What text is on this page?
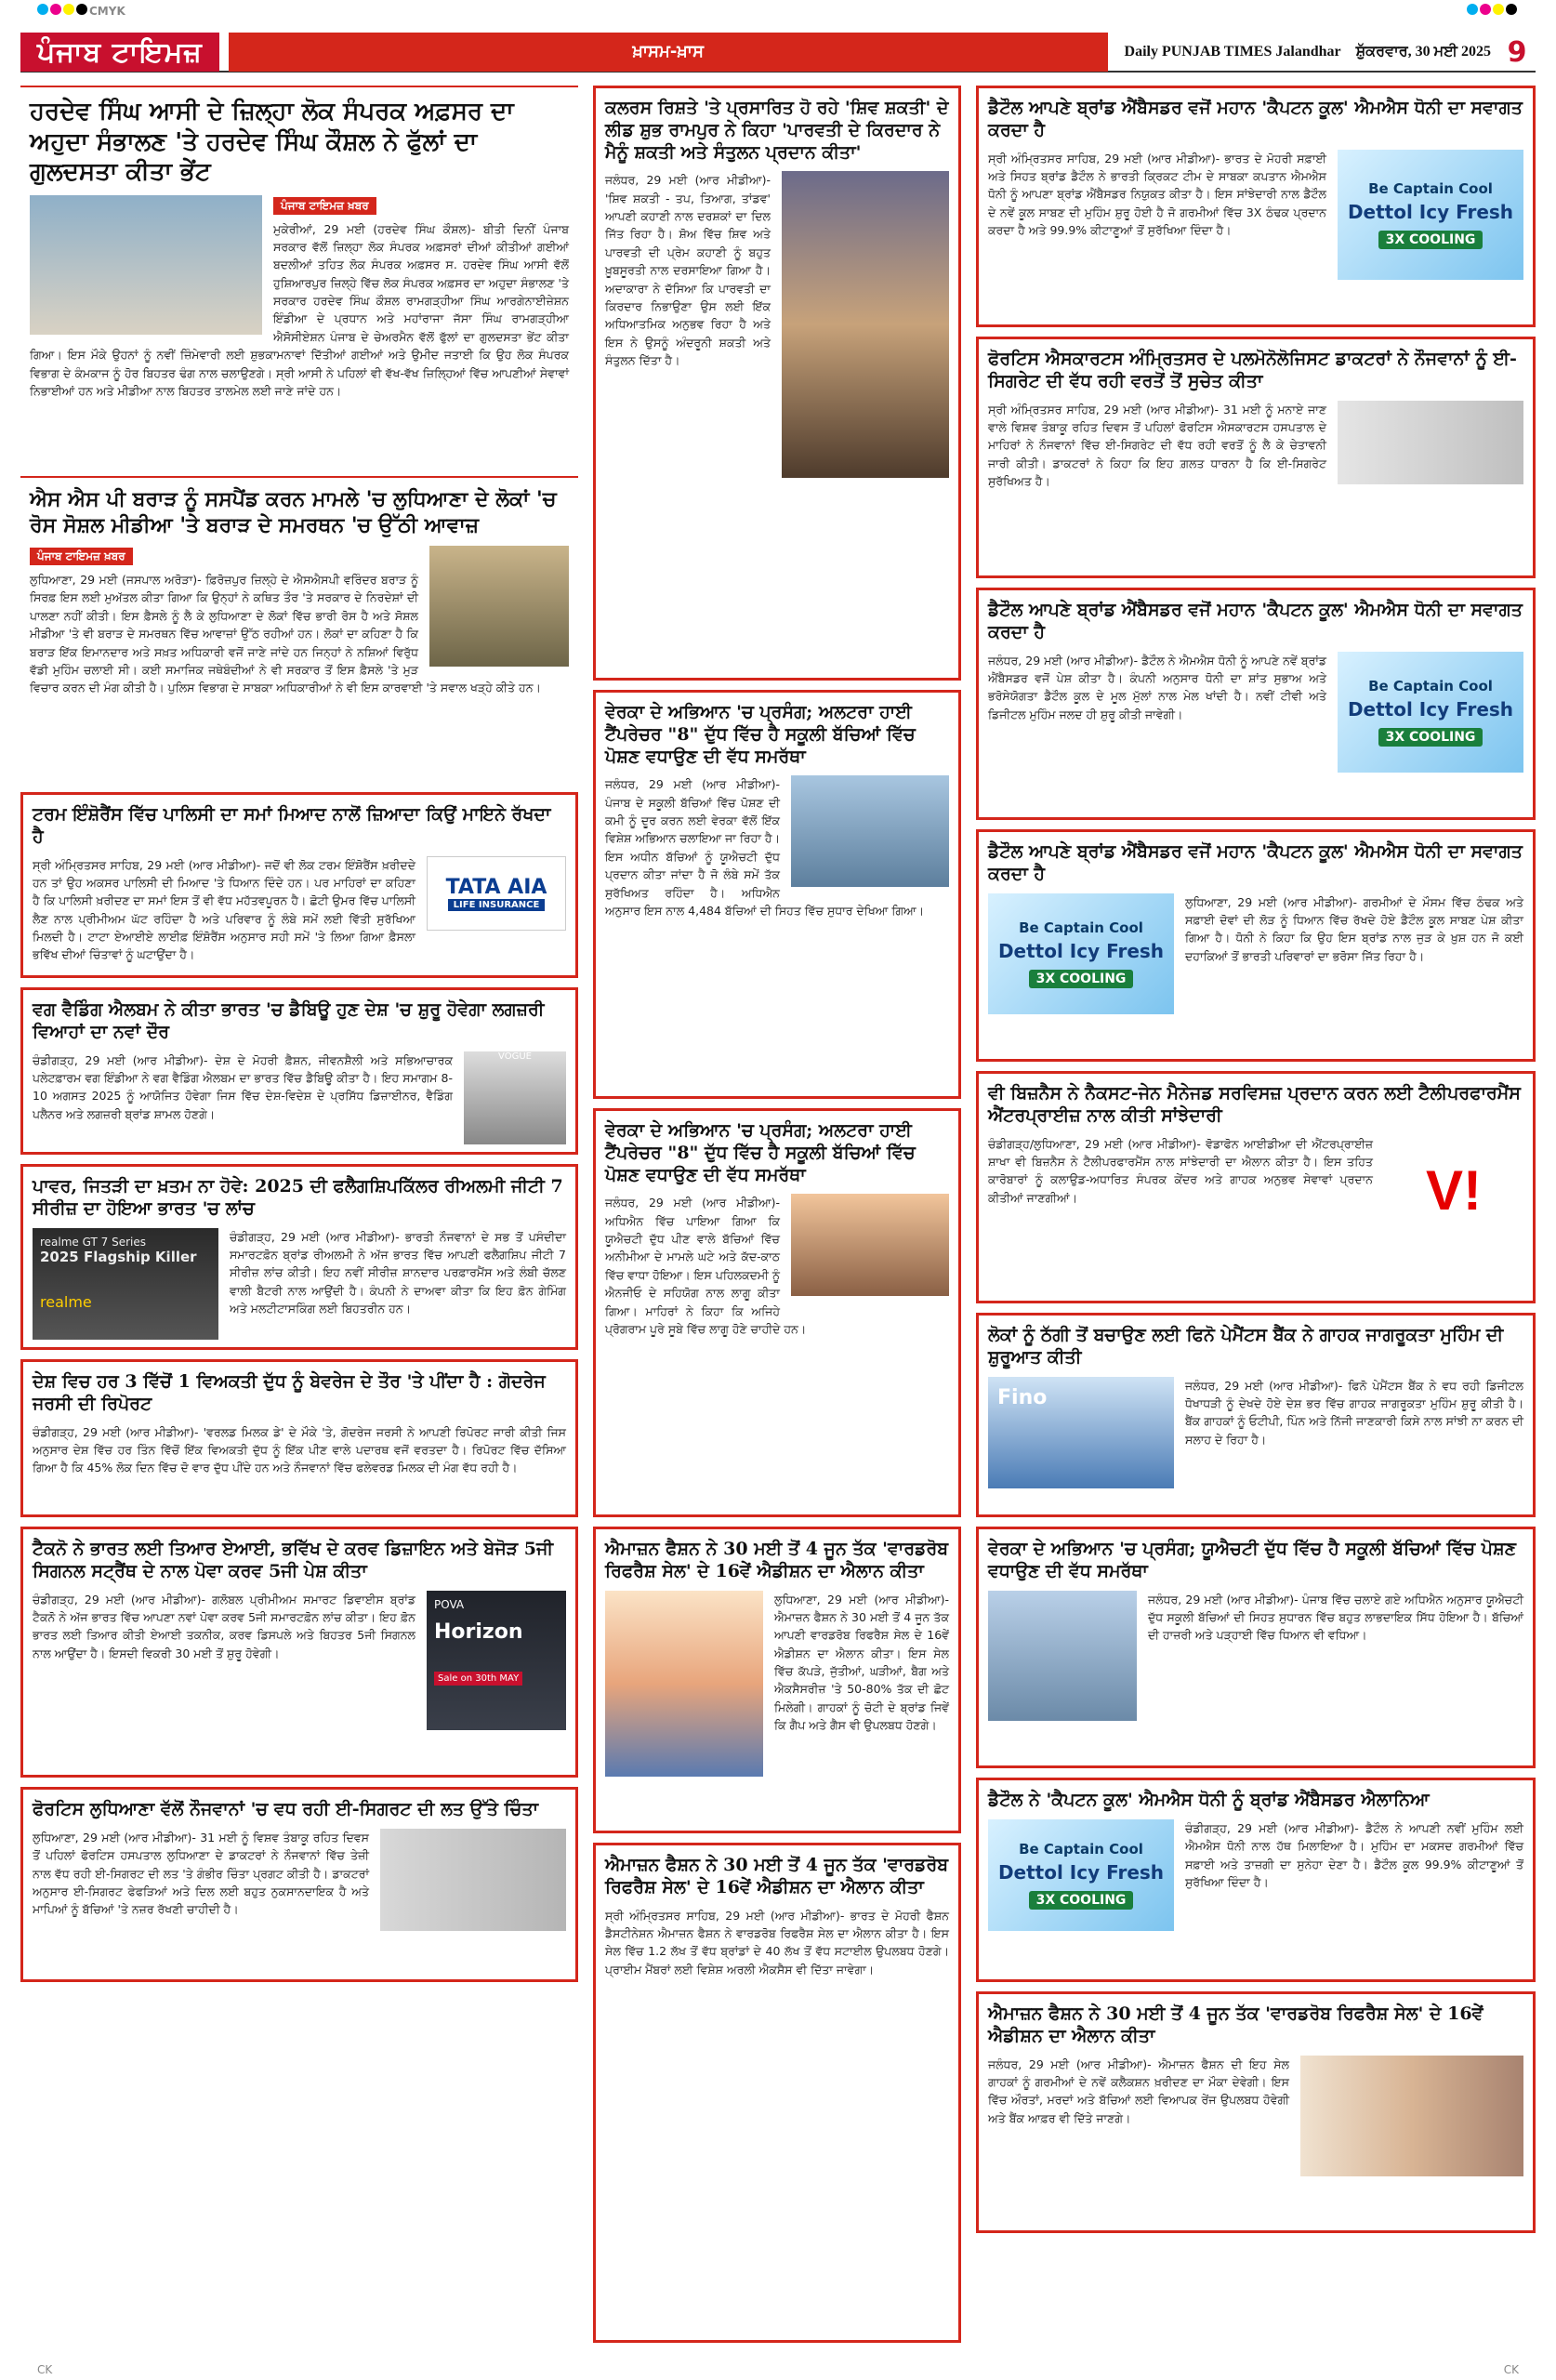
CMYK
ਪੰਜਾਬ ਟਾਇਮਜ਼	ਖ਼ਾਸਮ-ਖ਼ਾਸ	Daily PUNJAB TIMES Jalandhar	ਸ਼ੁੱਕਰਵਾਰ, 30 ਮਈ 2025 9
ਹਰਦੇਵ ਸਿੰਘ ਆਸੀ ਦੇ ਜ਼ਿਲ੍ਹਾ ਲੋਕ ਸੰਪਰਕ ਅਫ਼ਸਰ ਦਾ ਅਹੁਦਾ ਸੰਭਾਲਣ 'ਤੇ ਹਰਦੇਵ ਸਿੰਘ ਕੌਸ਼ਲ ਨੇ ਫੁੱਲਾਂ ਦਾ ਗੁਲਦਸਤਾ ਕੀਤਾ ਭੇਂਟ
ਪੰਜਾਬ ਟਾਇਮਜ਼ ਖ਼ਬਰ
ਮੁਕੇਰੀਆਂ, 29 ਮਈ (ਹਰਦੇਵ ਸਿੰਘ ਕੌਸ਼ਲ)- ਬੀਤੀ ਦਿਨੀਂ ਪੰਜਾਬ ਸਰਕਾਰ ਵੱਲੋਂ ਜ਼ਿਲ੍ਹਾ ਲੋਕ ਸੰਪਰਕ ਅਫ਼ਸਰਾਂ ਦੀਆਂ ਕੀਤੀਆਂ ਗਈਆਂ ਬਦਲੀਆਂ ਤਹਿਤ ਲੋਕ ਸੰਪਰਕ ਅਫ਼ਸਰ ਸ. ਹਰਦੇਵ ਸਿੰਘ ਆਸੀ ਵੱਲੋਂ ਹੁਸ਼ਿਆਰਪੁਰ ਜ਼ਿਲ੍ਹੇ ਵਿੱਚ ਲੋਕ ਸੰਪਰਕ ਅਫ਼ਸਰ ਦਾ ਅਹੁਦਾ ਸੰਭਾਲਣ 'ਤੇ ਸਰਕਾਰ ਹਰਦੇਵ ਸਿੰਘ ਕੌਸ਼ਲ ਰਾਮਗੜ੍ਹੀਆ ਸਿੰਘ ਆਰਗੇਨਾਈਜ਼ੇਸ਼ਨ ਇੰਡੀਆ ਦੇ ਪ੍ਰਧਾਨ ਅਤੇ ਮਹਾਂਰਾਜਾ ਜੱਸਾ ਸਿੰਘ ਰਾਮਗੜ੍ਹੀਆ ਐਸੋਸੀਏਸ਼ਨ ਪੰਜਾਬ ਦੇ ਚੇਅਰਮੈਨ ਵੱਲੋਂ ਫੁੱਲਾਂ ਦਾ ਗੁਲਦਸਤਾ ਭੇਂਟ ਕੀਤਾ ਗਿਆ। ਇਸ ਮੌਕੇ ਉਹਨਾਂ ਨੂੰ ਨਵੀਂ ਜ਼ਿੰਮੇਵਾਰੀ ਲਈ ਸ਼ੁਭਕਾਮਨਾਵਾਂ ਦਿੱਤੀਆਂ ਗਈਆਂ ਅਤੇ ਉਮੀਦ ਜਤਾਈ ਕਿ ਉਹ ਲੋਕ ਸੰਪਰਕ ਵਿਭਾਗ ਦੇ ਕੰਮਕਾਜ ਨੂੰ ਹੋਰ ਬਿਹਤਰ ਢੰਗ ਨਾਲ ਚਲਾਉਣਗੇ। ਸ੍ਰੀ ਆਸੀ ਨੇ ਪਹਿਲਾਂ ਵੀ ਵੱਖ-ਵੱਖ ਜ਼ਿਲ੍ਹਿਆਂ ਵਿੱਚ ਆਪਣੀਆਂ ਸੇਵਾਵਾਂ ਨਿਭਾਈਆਂ ਹਨ ਅਤੇ ਮੀਡੀਆ ਨਾਲ ਬਿਹਤਰ ਤਾਲਮੇਲ ਲਈ ਜਾਣੇ ਜਾਂਦੇ ਹਨ।
ਐਸ ਐਸ ਪੀ ਬਰਾੜ ਨੂੰ ਸਸਪੈਂਡ ਕਰਨ ਮਾਮਲੇ 'ਚ ਲੁਧਿਆਣਾ ਦੇ ਲੋਕਾਂ 'ਚ ਰੋਸ ਸੋਸ਼ਲ ਮੀਡੀਆ 'ਤੇ ਬਰਾੜ ਦੇ ਸਮਰਥਨ 'ਚ ਉੱਠੀ ਆਵਾਜ਼
ਪੰਜਾਬ ਟਾਇਮਜ਼ ਖ਼ਬਰ
ਲੁਧਿਆਣਾ, 29 ਮਈ (ਜਸਪਾਲ ਅਰੋੜਾ)- ਫ਼ਿਰੋਜ਼ਪੁਰ ਜ਼ਿਲ੍ਹੇ ਦੇ ਐਸਐਸਪੀ ਵਰਿੰਦਰ ਬਰਾੜ ਨੂੰ ਸਿਰਫ਼ ਇਸ ਲਈ ਮੁਅੱਤਲ ਕੀਤਾ ਗਿਆ ਕਿ ਉਨ੍ਹਾਂ ਨੇ ਕਥਿਤ ਤੌਰ 'ਤੇ ਸਰਕਾਰ ਦੇ ਨਿਰਦੇਸ਼ਾਂ ਦੀ ਪਾਲਣਾ ਨਹੀਂ ਕੀਤੀ। ਇਸ ਫ਼ੈਸਲੇ ਨੂੰ ਲੈ ਕੇ ਲੁਧਿਆਣਾ ਦੇ ਲੋਕਾਂ ਵਿੱਚ ਭਾਰੀ ਰੋਸ ਹੈ ਅਤੇ ਸੋਸ਼ਲ ਮੀਡੀਆ 'ਤੇ ਵੀ ਬਰਾੜ ਦੇ ਸਮਰਥਨ ਵਿੱਚ ਆਵਾਜ਼ਾਂ ਉੱਠ ਰਹੀਆਂ ਹਨ। ਲੋਕਾਂ ਦਾ ਕਹਿਣਾ ਹੈ ਕਿ ਬਰਾੜ ਇੱਕ ਇਮਾਨਦਾਰ ਅਤੇ ਸਖ਼ਤ ਅਧਿਕਾਰੀ ਵਜੋਂ ਜਾਣੇ ਜਾਂਦੇ ਹਨ ਜਿਨ੍ਹਾਂ ਨੇ ਨਸ਼ਿਆਂ ਵਿਰੁੱਧ ਵੱਡੀ ਮੁਹਿੰਮ ਚਲਾਈ ਸੀ। ਕਈ ਸਮਾਜਿਕ ਜਥੇਬੰਦੀਆਂ ਨੇ ਵੀ ਸਰਕਾਰ ਤੋਂ ਇਸ ਫ਼ੈਸਲੇ 'ਤੇ ਮੁੜ ਵਿਚਾਰ ਕਰਨ ਦੀ ਮੰਗ ਕੀਤੀ ਹੈ। ਪੁਲਿਸ ਵਿਭਾਗ ਦੇ ਸਾਬਕਾ ਅਧਿਕਾਰੀਆਂ ਨੇ ਵੀ ਇਸ ਕਾਰਵਾਈ 'ਤੇ ਸਵਾਲ ਖੜ੍ਹੇ ਕੀਤੇ ਹਨ।
ਟਰਮ ਇੰਸ਼ੋਰੈਂਸ ਵਿੱਚ ਪਾਲਿਸੀ ਦਾ ਸਮਾਂ ਮਿਆਦ ਨਾਲੋਂ ਜ਼ਿਆਦਾ ਕਿਉਂ ਮਾਇਨੇ ਰੱਖਦਾ ਹੈ
TATA AIA
LIFE INSURANCE
ਸ੍ਰੀ ਅੰਮ੍ਰਿਤਸਰ ਸਾਹਿਬ, 29 ਮਈ (ਆਰ ਮੀਡੀਆ)- ਜਦੋਂ ਵੀ ਲੋਕ ਟਰਮ ਇੰਸ਼ੋਰੈਂਸ ਖ਼ਰੀਦਦੇ ਹਨ ਤਾਂ ਉਹ ਅਕਸਰ ਪਾਲਿਸੀ ਦੀ ਮਿਆਦ 'ਤੇ ਧਿਆਨ ਦਿੰਦੇ ਹਨ। ਪਰ ਮਾਹਿਰਾਂ ਦਾ ਕਹਿਣਾ ਹੈ ਕਿ ਪਾਲਿਸੀ ਖ਼ਰੀਦਣ ਦਾ ਸਮਾਂ ਇਸ ਤੋਂ ਵੀ ਵੱਧ ਮਹੱਤਵਪੂਰਨ ਹੈ। ਛੋਟੀ ਉਮਰ ਵਿੱਚ ਪਾਲਿਸੀ ਲੈਣ ਨਾਲ ਪ੍ਰੀਮੀਅਮ ਘੱਟ ਰਹਿੰਦਾ ਹੈ ਅਤੇ ਪਰਿਵਾਰ ਨੂੰ ਲੰਬੇ ਸਮੇਂ ਲਈ ਵਿੱਤੀ ਸੁਰੱਖਿਆ ਮਿਲਦੀ ਹੈ। ਟਾਟਾ ਏਆਈਏ ਲਾਈਫ਼ ਇੰਸ਼ੋਰੈਂਸ ਅਨੁਸਾਰ ਸਹੀ ਸਮੇਂ 'ਤੇ ਲਿਆ ਗਿਆ ਫ਼ੈਸਲਾ ਭਵਿੱਖ ਦੀਆਂ ਚਿੰਤਾਵਾਂ ਨੂੰ ਘਟਾਉਂਦਾ ਹੈ।
ਵਗ ਵੈਡਿੰਗ ਐਲਬਮ ਨੇ ਕੀਤਾ ਭਾਰਤ 'ਚ ਡੈਬਿਊ ਹੁਣ ਦੇਸ਼ 'ਚ ਸ਼ੁਰੂ ਹੋਵੇਗਾ ਲਗਜ਼ਰੀ ਵਿਆਹਾਂ ਦਾ ਨਵਾਂ ਦੌਰ
VOGUE
ਚੰਡੀਗੜ੍ਹ, 29 ਮਈ (ਆਰ ਮੀਡੀਆ)- ਦੇਸ਼ ਦੇ ਮੋਹਰੀ ਫ਼ੈਸ਼ਨ, ਜੀਵਨਸ਼ੈਲੀ ਅਤੇ ਸਭਿਆਚਾਰਕ ਪਲੇਟਫ਼ਾਰਮ ਵਗ ਇੰਡੀਆ ਨੇ ਵਗ ਵੈਡਿੰਗ ਐਲਬਮ ਦਾ ਭਾਰਤ ਵਿੱਚ ਡੈਬਿਊ ਕੀਤਾ ਹੈ। ਇਹ ਸਮਾਗਮ 8-10 ਅਗਸਤ 2025 ਨੂੰ ਆਯੋਜਿਤ ਹੋਵੇਗਾ ਜਿਸ ਵਿੱਚ ਦੇਸ਼-ਵਿਦੇਸ਼ ਦੇ ਪ੍ਰਸਿੱਧ ਡਿਜ਼ਾਈਨਰ, ਵੈਡਿੰਗ ਪਲੈਨਰ ਅਤੇ ਲਗਜ਼ਰੀ ਬ੍ਰਾਂਡ ਸ਼ਾਮਲ ਹੋਣਗੇ।
ਪਾਵਰ, ਜਿਤੜੀ ਦਾ ਖ਼ਤਮ ਨਾ ਹੋਵੇ: 2025 ਦੀ ਫਲੈਗਸ਼ਿਪਕਿੱਲਰ ਰੀਅਲਮੀ ਜੀਟੀ 7 ਸੀਰੀਜ਼ ਦਾ ਹੋਇਆ ਭਾਰਤ 'ਚ ਲਾਂਚ
realme GT 7 Series
2025 Flagship Killer
realme
ਚੰਡੀਗੜ੍ਹ, 29 ਮਈ (ਆਰ ਮੀਡੀਆ)- ਭਾਰਤੀ ਨੌਜਵਾਨਾਂ ਦੇ ਸਭ ਤੋਂ ਪਸੰਦੀਦਾ ਸਮਾਰਟਫ਼ੋਨ ਬ੍ਰਾਂਡ ਰੀਅਲਮੀ ਨੇ ਅੱਜ ਭਾਰਤ ਵਿੱਚ ਆਪਣੀ ਫਲੈਗਸ਼ਿਪ ਜੀਟੀ 7 ਸੀਰੀਜ਼ ਲਾਂਚ ਕੀਤੀ। ਇਹ ਨਵੀਂ ਸੀਰੀਜ਼ ਸ਼ਾਨਦਾਰ ਪਰਫ਼ਾਰਮੈਂਸ ਅਤੇ ਲੰਬੀ ਚੱਲਣ ਵਾਲੀ ਬੈਟਰੀ ਨਾਲ ਆਉਂਦੀ ਹੈ। ਕੰਪਨੀ ਨੇ ਦਾਅਵਾ ਕੀਤਾ ਕਿ ਇਹ ਫ਼ੋਨ ਗੇਮਿੰਗ ਅਤੇ ਮਲਟੀਟਾਸਕਿੰਗ ਲਈ ਬਿਹਤਰੀਨ ਹਨ।
ਦੇਸ਼ ਵਿਚ ਹਰ 3 ਵਿੱਚੋਂ 1 ਵਿਅਕਤੀ ਦੁੱਧ ਨੂੰ ਬੇਵਰੇਜ ਦੇ ਤੌਰ 'ਤੇ ਪੀਂਦਾ ਹੈ : ਗੋਦਰੇਜ ਜਰਸੀ ਦੀ ਰਿਪੋਰਟ
ਚੰਡੀਗੜ੍ਹ, 29 ਮਈ (ਆਰ ਮੀਡੀਆ)- 'ਵਰਲਡ ਮਿਲਕ ਡੇ' ਦੇ ਮੌਕੇ 'ਤੇ, ਗੋਦਰੇਜ ਜਰਸੀ ਨੇ ਆਪਣੀ ਰਿਪੋਰਟ ਜਾਰੀ ਕੀਤੀ ਜਿਸ ਅਨੁਸਾਰ ਦੇਸ਼ ਵਿੱਚ ਹਰ ਤਿੰਨ ਵਿੱਚੋਂ ਇੱਕ ਵਿਅਕਤੀ ਦੁੱਧ ਨੂੰ ਇੱਕ ਪੀਣ ਵਾਲੇ ਪਦਾਰਥ ਵਜੋਂ ਵਰਤਦਾ ਹੈ। ਰਿਪੋਰਟ ਵਿੱਚ ਦੱਸਿਆ ਗਿਆ ਹੈ ਕਿ 45% ਲੋਕ ਦਿਨ ਵਿੱਚ ਦੋ ਵਾਰ ਦੁੱਧ ਪੀਂਦੇ ਹਨ ਅਤੇ ਨੌਜਵਾਨਾਂ ਵਿੱਚ ਫਲੇਵਰਡ ਮਿਲਕ ਦੀ ਮੰਗ ਵੱਧ ਰਹੀ ਹੈ।
ਟੈਕਨੋ ਨੇ ਭਾਰਤ ਲਈ ਤਿਆਰ ਏਆਈ, ਭਵਿੱਖ ਦੇ ਕਰਵ ਡਿਜ਼ਾਇਨ ਅਤੇ ਬੇਜੋੜ 5ਜੀ ਸਿਗਨਲ ਸਟ੍ਰੈਂਥ ਦੇ ਨਾਲ ਪੋਵਾ ਕਰਵ 5ਜੀ ਪੇਸ਼ ਕੀਤਾ
POVA
Horizon
Sale on 30th MAY
ਚੰਡੀਗੜ੍ਹ, 29 ਮਈ (ਆਰ ਮੀਡੀਆ)- ਗਲੋਬਲ ਪ੍ਰੀਮੀਅਮ ਸਮਾਰਟ ਡਿਵਾਈਸ ਬ੍ਰਾਂਡ ਟੈਕਨੋ ਨੇ ਅੱਜ ਭਾਰਤ ਵਿੱਚ ਆਪਣਾ ਨਵਾਂ ਪੋਵਾ ਕਰਵ 5ਜੀ ਸਮਾਰਟਫ਼ੋਨ ਲਾਂਚ ਕੀਤਾ। ਇਹ ਫ਼ੋਨ ਭਾਰਤ ਲਈ ਤਿਆਰ ਕੀਤੀ ਏਆਈ ਤਕਨੀਕ, ਕਰਵ ਡਿਸਪਲੇ ਅਤੇ ਬਿਹਤਰ 5ਜੀ ਸਿਗਨਲ ਨਾਲ ਆਉਂਦਾ ਹੈ। ਇਸਦੀ ਵਿਕਰੀ 30 ਮਈ ਤੋਂ ਸ਼ੁਰੂ ਹੋਵੇਗੀ।
ਫੋਰਟਿਸ ਲੁਧਿਆਣਾ ਵੱਲੋਂ ਨੌਜਵਾਨਾਂ 'ਚ ਵਧ ਰਹੀ ਈ-ਸਿਗਰਟ ਦੀ ਲਤ ਉੱਤੇ ਚਿੰਤਾ
ਲੁਧਿਆਣਾ, 29 ਮਈ (ਆਰ ਮੀਡੀਆ)- 31 ਮਈ ਨੂੰ ਵਿਸ਼ਵ ਤੰਬਾਕੂ ਰਹਿਤ ਦਿਵਸ ਤੋਂ ਪਹਿਲਾਂ ਫੋਰਟਿਸ ਹਸਪਤਾਲ ਲੁਧਿਆਣਾ ਦੇ ਡਾਕਟਰਾਂ ਨੇ ਨੌਜਵਾਨਾਂ ਵਿੱਚ ਤੇਜ਼ੀ ਨਾਲ ਵੱਧ ਰਹੀ ਈ-ਸਿਗਰਟ ਦੀ ਲਤ 'ਤੇ ਗੰਭੀਰ ਚਿੰਤਾ ਪ੍ਰਗਟ ਕੀਤੀ ਹੈ। ਡਾਕਟਰਾਂ ਅਨੁਸਾਰ ਈ-ਸਿਗਰਟ ਫੇਫੜਿਆਂ ਅਤੇ ਦਿਲ ਲਈ ਬਹੁਤ ਨੁਕਸਾਨਦਾਇਕ ਹੈ ਅਤੇ ਮਾਪਿਆਂ ਨੂੰ ਬੱਚਿਆਂ 'ਤੇ ਨਜ਼ਰ ਰੱਖਣੀ ਚਾਹੀਦੀ ਹੈ।
ਕਲਰਸ ਰਿਸ਼ਤੇ 'ਤੇ ਪ੍ਰਸਾਰਿਤ ਹੋ ਰਹੇ 'ਸ਼ਿਵ ਸ਼ਕਤੀ' ਦੇ ਲੀਡ ਸ਼ੁਭ ਰਾਮਪੁਰ ਨੇ ਕਿਹਾ 'ਪਾਰਵਤੀ ਦੇ ਕਿਰਦਾਰ ਨੇ ਮੈਨੂੰ ਸ਼ਕਤੀ ਅਤੇ ਸੰਤੁਲਨ ਪ੍ਰਦਾਨ ਕੀਤਾ'
ਜਲੰਧਰ, 29 ਮਈ (ਆਰ ਮੀਡੀਆ)- 'ਸ਼ਿਵ ਸ਼ਕਤੀ - ਤਪ, ਤਿਆਗ, ਤਾਂਡਵ' ਆਪਣੀ ਕਹਾਣੀ ਨਾਲ ਦਰਸ਼ਕਾਂ ਦਾ ਦਿਲ ਜਿੱਤ ਰਿਹਾ ਹੈ। ਸ਼ੋਅ ਵਿੱਚ ਸ਼ਿਵ ਅਤੇ ਪਾਰਵਤੀ ਦੀ ਪ੍ਰੇਮ ਕਹਾਣੀ ਨੂੰ ਬਹੁਤ ਖ਼ੂਬਸੂਰਤੀ ਨਾਲ ਦਰਸਾਇਆ ਗਿਆ ਹੈ। ਅਦਾਕਾਰਾ ਨੇ ਦੱਸਿਆ ਕਿ ਪਾਰਵਤੀ ਦਾ ਕਿਰਦਾਰ ਨਿਭਾਉਣਾ ਉਸ ਲਈ ਇੱਕ ਅਧਿਆਤਮਿਕ ਅਨੁਭਵ ਰਿਹਾ ਹੈ ਅਤੇ ਇਸ ਨੇ ਉਸਨੂੰ ਅੰਦਰੂਨੀ ਸ਼ਕਤੀ ਅਤੇ ਸੰਤੁਲਨ ਦਿੱਤਾ ਹੈ।
ਵੇਰਕਾ ਦੇ ਅਭਿਆਨ 'ਚ ਪ੍ਰਸੰਗ; ਅਲਟਰਾ ਹਾਈ ਟੈਂਪਰੇਚਰ "8" ਦੁੱਧ ਵਿੱਚ ਹੈ ਸਕੂਲੀ ਬੱਚਿਆਂ ਵਿੱਚ ਪੋਸ਼ਣ ਵਧਾਉਣ ਦੀ ਵੱਧ ਸਮਰੱਥਾ
ਜਲੰਧਰ, 29 ਮਈ (ਆਰ ਮੀਡੀਆ)- ਪੰਜਾਬ ਦੇ ਸਕੂਲੀ ਬੱਚਿਆਂ ਵਿੱਚ ਪੋਸ਼ਣ ਦੀ ਕਮੀ ਨੂੰ ਦੂਰ ਕਰਨ ਲਈ ਵੇਰਕਾ ਵੱਲੋਂ ਇੱਕ ਵਿਸ਼ੇਸ਼ ਅਭਿਆਨ ਚਲਾਇਆ ਜਾ ਰਿਹਾ ਹੈ। ਇਸ ਅਧੀਨ ਬੱਚਿਆਂ ਨੂੰ ਯੂਐਚਟੀ ਦੁੱਧ ਪ੍ਰਦਾਨ ਕੀਤਾ ਜਾਂਦਾ ਹੈ ਜੋ ਲੰਬੇ ਸਮੇਂ ਤੱਕ ਸੁਰੱਖਿਅਤ ਰਹਿੰਦਾ ਹੈ। ਅਧਿਐਨ ਅਨੁਸਾਰ ਇਸ ਨਾਲ 4,484 ਬੱਚਿਆਂ ਦੀ ਸਿਹਤ ਵਿੱਚ ਸੁਧਾਰ ਦੇਖਿਆ ਗਿਆ।
ਵੇਰਕਾ ਦੇ ਅਭਿਆਨ 'ਚ ਪ੍ਰਸੰਗ; ਅਲਟਰਾ ਹਾਈ ਟੈਂਪਰੇਚਰ "8" ਦੁੱਧ ਵਿੱਚ ਹੈ ਸਕੂਲੀ ਬੱਚਿਆਂ ਵਿੱਚ ਪੋਸ਼ਣ ਵਧਾਉਣ ਦੀ ਵੱਧ ਸਮਰੱਥਾ
ਜਲੰਧਰ, 29 ਮਈ (ਆਰ ਮੀਡੀਆ)- ਅਧਿਐਨ ਵਿੱਚ ਪਾਇਆ ਗਿਆ ਕਿ ਯੂਐਚਟੀ ਦੁੱਧ ਪੀਣ ਵਾਲੇ ਬੱਚਿਆਂ ਵਿੱਚ ਅਨੀਮੀਆ ਦੇ ਮਾਮਲੇ ਘਟੇ ਅਤੇ ਕੱਦ-ਕਾਠ ਵਿੱਚ ਵਾਧਾ ਹੋਇਆ। ਇਸ ਪਹਿਲਕਦਮੀ ਨੂੰ ਐਨਜੀਓ ਦੇ ਸਹਿਯੋਗ ਨਾਲ ਲਾਗੂ ਕੀਤਾ ਗਿਆ। ਮਾਹਿਰਾਂ ਨੇ ਕਿਹਾ ਕਿ ਅਜਿਹੇ ਪ੍ਰੋਗਰਾਮ ਪੂਰੇ ਸੂਬੇ ਵਿੱਚ ਲਾਗੂ ਹੋਣੇ ਚਾਹੀਦੇ ਹਨ।
ਐਮਾਜ਼ਨ ਫੈਸ਼ਨ ਨੇ 30 ਮਈ ਤੋਂ 4 ਜੂਨ ਤੱਕ 'ਵਾਰਡਰੋਬ ਰਿਫਰੈਸ਼ ਸੇਲ' ਦੇ 16ਵੇਂ ਐਡੀਸ਼ਨ ਦਾ ਐਲਾਨ ਕੀਤਾ
ਲੁਧਿਆਣਾ, 29 ਮਈ (ਆਰ ਮੀਡੀਆ)- ਐਮਾਜ਼ਨ ਫੈਸ਼ਨ ਨੇ 30 ਮਈ ਤੋਂ 4 ਜੂਨ ਤੱਕ ਆਪਣੀ ਵਾਰਡਰੋਬ ਰਿਫਰੈਸ਼ ਸੇਲ ਦੇ 16ਵੇਂ ਐਡੀਸ਼ਨ ਦਾ ਐਲਾਨ ਕੀਤਾ। ਇਸ ਸੇਲ ਵਿੱਚ ਕੱਪੜੇ, ਜੁੱਤੀਆਂ, ਘੜੀਆਂ, ਬੈਗ ਅਤੇ ਐਕਸੈਸਰੀਜ਼ 'ਤੇ 50-80% ਤੱਕ ਦੀ ਛੋਟ ਮਿਲੇਗੀ। ਗਾਹਕਾਂ ਨੂੰ ਚੋਟੀ ਦੇ ਬ੍ਰਾਂਡ ਜਿਵੇਂ ਕਿ ਗੈਪ ਅਤੇ ਗੈਸ ਵੀ ਉਪਲਬਧ ਹੋਣਗੇ।
ਐਮਾਜ਼ਨ ਫੈਸ਼ਨ ਨੇ 30 ਮਈ ਤੋਂ 4 ਜੂਨ ਤੱਕ 'ਵਾਰਡਰੋਬ ਰਿਫਰੈਸ਼ ਸੇਲ' ਦੇ 16ਵੇਂ ਐਡੀਸ਼ਨ ਦਾ ਐਲਾਨ ਕੀਤਾ
ਸ੍ਰੀ ਅੰਮ੍ਰਿਤਸਰ ਸਾਹਿਬ, 29 ਮਈ (ਆਰ ਮੀਡੀਆ)- ਭਾਰਤ ਦੇ ਮੋਹਰੀ ਫੈਸ਼ਨ ਡੈਸਟੀਨੇਸ਼ਨ ਐਮਾਜ਼ਨ ਫੈਸ਼ਨ ਨੇ ਵਾਰਡਰੋਬ ਰਿਫਰੈਸ਼ ਸੇਲ ਦਾ ਐਲਾਨ ਕੀਤਾ ਹੈ। ਇਸ ਸੇਲ ਵਿੱਚ 1.2 ਲੱਖ ਤੋਂ ਵੱਧ ਬ੍ਰਾਂਡਾਂ ਦੇ 40 ਲੱਖ ਤੋਂ ਵੱਧ ਸਟਾਈਲ ਉਪਲਬਧ ਹੋਣਗੇ। ਪ੍ਰਾਈਮ ਮੈਂਬਰਾਂ ਲਈ ਵਿਸ਼ੇਸ਼ ਅਰਲੀ ਐਕਸੈਸ ਵੀ ਦਿੱਤਾ ਜਾਵੇਗਾ।
ਡੈਟੌਲ ਆਪਣੇ ਬ੍ਰਾਂਡ ਐਂਬੈਸਡਰ ਵਜੋਂ ਮਹਾਨ 'ਕੈਪਟਨ ਕੂਲ' ਐਮਐਸ ਧੋਨੀ ਦਾ ਸਵਾਗਤ ਕਰਦਾ ਹੈ
Be Captain Cool
Dettol Icy Fresh
3X COOLING
ਸ੍ਰੀ ਅੰਮ੍ਰਿਤਸਰ ਸਾਹਿਬ, 29 ਮਈ (ਆਰ ਮੀਡੀਆ)- ਭਾਰਤ ਦੇ ਮੋਹਰੀ ਸਫ਼ਾਈ ਅਤੇ ਸਿਹਤ ਬ੍ਰਾਂਡ ਡੈਟੌਲ ਨੇ ਭਾਰਤੀ ਕ੍ਰਿਕਟ ਟੀਮ ਦੇ ਸਾਬਕਾ ਕਪਤਾਨ ਐਮਐਸ ਧੋਨੀ ਨੂੰ ਆਪਣਾ ਬ੍ਰਾਂਡ ਐਂਬੈਸਡਰ ਨਿਯੁਕਤ ਕੀਤਾ ਹੈ। ਇਸ ਸਾਂਝੇਦਾਰੀ ਨਾਲ ਡੈਟੌਲ ਦੇ ਨਵੇਂ ਕੂਲ ਸਾਬਣ ਦੀ ਮੁਹਿੰਮ ਸ਼ੁਰੂ ਹੋਈ ਹੈ ਜੋ ਗਰਮੀਆਂ ਵਿੱਚ 3X ਠੰਢਕ ਪ੍ਰਦਾਨ ਕਰਦਾ ਹੈ ਅਤੇ 99.9% ਕੀਟਾਣੂਆਂ ਤੋਂ ਸੁਰੱਖਿਆ ਦਿੰਦਾ ਹੈ।
ਫੋਰਟਿਸ ਐਸਕਾਰਟਸ ਅੰਮ੍ਰਿਤਸਰ ਦੇ ਪਲਮੋਨੋਲੋਜਿਸਟ ਡਾਕਟਰਾਂ ਨੇ ਨੌਜਵਾਨਾਂ ਨੂੰ ਈ-ਸਿਗਰੇਟ ਦੀ ਵੱਧ ਰਹੀ ਵਰਤੋਂ ਤੋਂ ਸੁਚੇਤ ਕੀਤਾ
ਸ੍ਰੀ ਅੰਮ੍ਰਿਤਸਰ ਸਾਹਿਬ, 29 ਮਈ (ਆਰ ਮੀਡੀਆ)- 31 ਮਈ ਨੂੰ ਮਨਾਏ ਜਾਣ ਵਾਲੇ ਵਿਸ਼ਵ ਤੰਬਾਕੂ ਰਹਿਤ ਦਿਵਸ ਤੋਂ ਪਹਿਲਾਂ ਫੋਰਟਿਸ ਐਸਕਾਰਟਸ ਹਸਪਤਾਲ ਦੇ ਮਾਹਿਰਾਂ ਨੇ ਨੌਜਵਾਨਾਂ ਵਿੱਚ ਈ-ਸਿਗਰੇਟ ਦੀ ਵੱਧ ਰਹੀ ਵਰਤੋਂ ਨੂੰ ਲੈ ਕੇ ਚੇਤਾਵਨੀ ਜਾਰੀ ਕੀਤੀ। ਡਾਕਟਰਾਂ ਨੇ ਕਿਹਾ ਕਿ ਇਹ ਗ਼ਲਤ ਧਾਰਨਾ ਹੈ ਕਿ ਈ-ਸਿਗਰੇਟ ਸੁਰੱਖਿਅਤ ਹੈ।
ਡੈਟੌਲ ਆਪਣੇ ਬ੍ਰਾਂਡ ਐਂਬੈਸਡਰ ਵਜੋਂ ਮਹਾਨ 'ਕੈਪਟਨ ਕੂਲ' ਐਮਐਸ ਧੋਨੀ ਦਾ ਸਵਾਗਤ ਕਰਦਾ ਹੈ
Be Captain Cool
Dettol Icy Fresh
3X COOLING
ਜਲੰਧਰ, 29 ਮਈ (ਆਰ ਮੀਡੀਆ)- ਡੈਟੌਲ ਨੇ ਐਮਐਸ ਧੋਨੀ ਨੂੰ ਆਪਣੇ ਨਵੇਂ ਬ੍ਰਾਂਡ ਐਂਬੈਸਡਰ ਵਜੋਂ ਪੇਸ਼ ਕੀਤਾ ਹੈ। ਕੰਪਨੀ ਅਨੁਸਾਰ ਧੋਨੀ ਦਾ ਸ਼ਾਂਤ ਸੁਭਾਅ ਅਤੇ ਭਰੋਸੇਯੋਗਤਾ ਡੈਟੌਲ ਕੂਲ ਦੇ ਮੂਲ ਮੁੱਲਾਂ ਨਾਲ ਮੇਲ ਖਾਂਦੀ ਹੈ। ਨਵੀਂ ਟੀਵੀ ਅਤੇ ਡਿਜੀਟਲ ਮੁਹਿੰਮ ਜਲਦ ਹੀ ਸ਼ੁਰੂ ਕੀਤੀ ਜਾਵੇਗੀ।
ਡੈਟੌਲ ਆਪਣੇ ਬ੍ਰਾਂਡ ਐਂਬੈਸਡਰ ਵਜੋਂ ਮਹਾਨ 'ਕੈਪਟਨ ਕੂਲ' ਐਮਐਸ ਧੋਨੀ ਦਾ ਸਵਾਗਤ ਕਰਦਾ ਹੈ
Be Captain Cool
Dettol Icy Fresh
3X COOLING
ਲੁਧਿਆਣਾ, 29 ਮਈ (ਆਰ ਮੀਡੀਆ)- ਗਰਮੀਆਂ ਦੇ ਮੌਸਮ ਵਿੱਚ ਠੰਢਕ ਅਤੇ ਸਫ਼ਾਈ ਦੋਵਾਂ ਦੀ ਲੋੜ ਨੂੰ ਧਿਆਨ ਵਿੱਚ ਰੱਖਦੇ ਹੋਏ ਡੈਟੌਲ ਕੂਲ ਸਾਬਣ ਪੇਸ਼ ਕੀਤਾ ਗਿਆ ਹੈ। ਧੋਨੀ ਨੇ ਕਿਹਾ ਕਿ ਉਹ ਇਸ ਬ੍ਰਾਂਡ ਨਾਲ ਜੁੜ ਕੇ ਖ਼ੁਸ਼ ਹਨ ਜੋ ਕਈ ਦਹਾਕਿਆਂ ਤੋਂ ਭਾਰਤੀ ਪਰਿਵਾਰਾਂ ਦਾ ਭਰੋਸਾ ਜਿੱਤ ਰਿਹਾ ਹੈ।
ਵੀ ਬਿਜ਼ਨੈਸ ਨੇ ਨੈਕਸਟ-ਜੇਨ ਮੈਨੇਜਡ ਸਰਵਿਸਜ਼ ਪ੍ਰਦਾਨ ਕਰਨ ਲਈ ਟੈਲੀਪਰਫਾਰਮੈਂਸ ਐਂਟਰਪ੍ਰਾਈਜ਼ ਨਾਲ ਕੀਤੀ ਸਾਂਝੇਦਾਰੀ
V!
ਚੰਡੀਗੜ੍ਹ/ਲੁਧਿਆਣਾ, 29 ਮਈ (ਆਰ ਮੀਡੀਆ)- ਵੋਡਾਫੋਨ ਆਈਡੀਆ ਦੀ ਐਂਟਰਪ੍ਰਾਈਜ਼ ਸ਼ਾਖਾ ਵੀ ਬਿਜ਼ਨੈਸ ਨੇ ਟੈਲੀਪਰਫਾਰਮੈਂਸ ਨਾਲ ਸਾਂਝੇਦਾਰੀ ਦਾ ਐਲਾਨ ਕੀਤਾ ਹੈ। ਇਸ ਤਹਿਤ ਕਾਰੋਬਾਰਾਂ ਨੂੰ ਕਲਾਉਡ-ਅਧਾਰਿਤ ਸੰਪਰਕ ਕੇਂਦਰ ਅਤੇ ਗਾਹਕ ਅਨੁਭਵ ਸੇਵਾਵਾਂ ਪ੍ਰਦਾਨ ਕੀਤੀਆਂ ਜਾਣਗੀਆਂ।
ਲੋਕਾਂ ਨੂੰ ਠੱਗੀ ਤੋਂ ਬਚਾਉਣ ਲਈ ਫਿਨੋ ਪੇਮੈਂਟਸ ਬੈਂਕ ਨੇ ਗਾਹਕ ਜਾਗਰੂਕਤਾ ਮੁਹਿੰਮ ਦੀ ਸ਼ੁਰੂਆਤ ਕੀਤੀ
Fino
ਜਲੰਧਰ, 29 ਮਈ (ਆਰ ਮੀਡੀਆ)- ਫਿਨੋ ਪੇਮੈਂਟਸ ਬੈਂਕ ਨੇ ਵਧ ਰਹੀ ਡਿਜੀਟਲ ਧੋਖਾਧੜੀ ਨੂੰ ਦੇਖਦੇ ਹੋਏ ਦੇਸ਼ ਭਰ ਵਿੱਚ ਗਾਹਕ ਜਾਗਰੂਕਤਾ ਮੁਹਿੰਮ ਸ਼ੁਰੂ ਕੀਤੀ ਹੈ। ਬੈਂਕ ਗਾਹਕਾਂ ਨੂੰ ਓਟੀਪੀ, ਪਿੰਨ ਅਤੇ ਨਿੱਜੀ ਜਾਣਕਾਰੀ ਕਿਸੇ ਨਾਲ ਸਾਂਝੀ ਨਾ ਕਰਨ ਦੀ ਸਲਾਹ ਦੇ ਰਿਹਾ ਹੈ।
ਵੇਰਕਾ ਦੇ ਅਭਿਆਨ 'ਚ ਪ੍ਰਸੰਗ; ਯੂਐਚਟੀ ਦੁੱਧ ਵਿੱਚ ਹੈ ਸਕੂਲੀ ਬੱਚਿਆਂ ਵਿੱਚ ਪੋਸ਼ਣ ਵਧਾਉਣ ਦੀ ਵੱਧ ਸਮਰੱਥਾ
ਜਲੰਧਰ, 29 ਮਈ (ਆਰ ਮੀਡੀਆ)- ਪੰਜਾਬ ਵਿੱਚ ਚਲਾਏ ਗਏ ਅਧਿਐਨ ਅਨੁਸਾਰ ਯੂਐਚਟੀ ਦੁੱਧ ਸਕੂਲੀ ਬੱਚਿਆਂ ਦੀ ਸਿਹਤ ਸੁਧਾਰਨ ਵਿੱਚ ਬਹੁਤ ਲਾਭਦਾਇਕ ਸਿੱਧ ਹੋਇਆ ਹੈ। ਬੱਚਿਆਂ ਦੀ ਹਾਜ਼ਰੀ ਅਤੇ ਪੜ੍ਹਾਈ ਵਿੱਚ ਧਿਆਨ ਵੀ ਵਧਿਆ।
ਡੈਟੌਲ ਨੇ 'ਕੈਪਟਨ ਕੂਲ' ਐਮਐਸ ਧੋਨੀ ਨੂੰ ਬ੍ਰਾਂਡ ਐਂਬੈਸਡਰ ਐਲਾਨਿਆ
Be Captain Cool
Dettol Icy Fresh
3X COOLING
ਚੰਡੀਗੜ੍ਹ, 29 ਮਈ (ਆਰ ਮੀਡੀਆ)- ਡੈਟੌਲ ਨੇ ਆਪਣੀ ਨਵੀਂ ਮੁਹਿੰਮ ਲਈ ਐਮਐਸ ਧੋਨੀ ਨਾਲ ਹੱਥ ਮਿਲਾਇਆ ਹੈ। ਮੁਹਿੰਮ ਦਾ ਮਕਸਦ ਗਰਮੀਆਂ ਵਿੱਚ ਸਫ਼ਾਈ ਅਤੇ ਤਾਜ਼ਗੀ ਦਾ ਸੁਨੇਹਾ ਦੇਣਾ ਹੈ। ਡੈਟੌਲ ਕੂਲ 99.9% ਕੀਟਾਣੂਆਂ ਤੋਂ ਸੁਰੱਖਿਆ ਦਿੰਦਾ ਹੈ।
ਐਮਾਜ਼ਨ ਫੈਸ਼ਨ ਨੇ 30 ਮਈ ਤੋਂ 4 ਜੂਨ ਤੱਕ 'ਵਾਰਡਰੋਬ ਰਿਫਰੈਸ਼ ਸੇਲ' ਦੇ 16ਵੇਂ ਐਡੀਸ਼ਨ ਦਾ ਐਲਾਨ ਕੀਤਾ
ਜਲੰਧਰ, 29 ਮਈ (ਆਰ ਮੀਡੀਆ)- ਐਮਾਜ਼ਨ ਫੈਸ਼ਨ ਦੀ ਇਹ ਸੇਲ ਗਾਹਕਾਂ ਨੂੰ ਗਰਮੀਆਂ ਦੇ ਨਵੇਂ ਕਲੈਕਸ਼ਨ ਖ਼ਰੀਦਣ ਦਾ ਮੌਕਾ ਦੇਵੇਗੀ। ਇਸ ਵਿੱਚ ਔਰਤਾਂ, ਮਰਦਾਂ ਅਤੇ ਬੱਚਿਆਂ ਲਈ ਵਿਆਪਕ ਰੇਂਜ ਉਪਲਬਧ ਹੋਵੇਗੀ ਅਤੇ ਬੈਂਕ ਆਫ਼ਰ ਵੀ ਦਿੱਤੇ ਜਾਣਗੇ।
CK	CK
